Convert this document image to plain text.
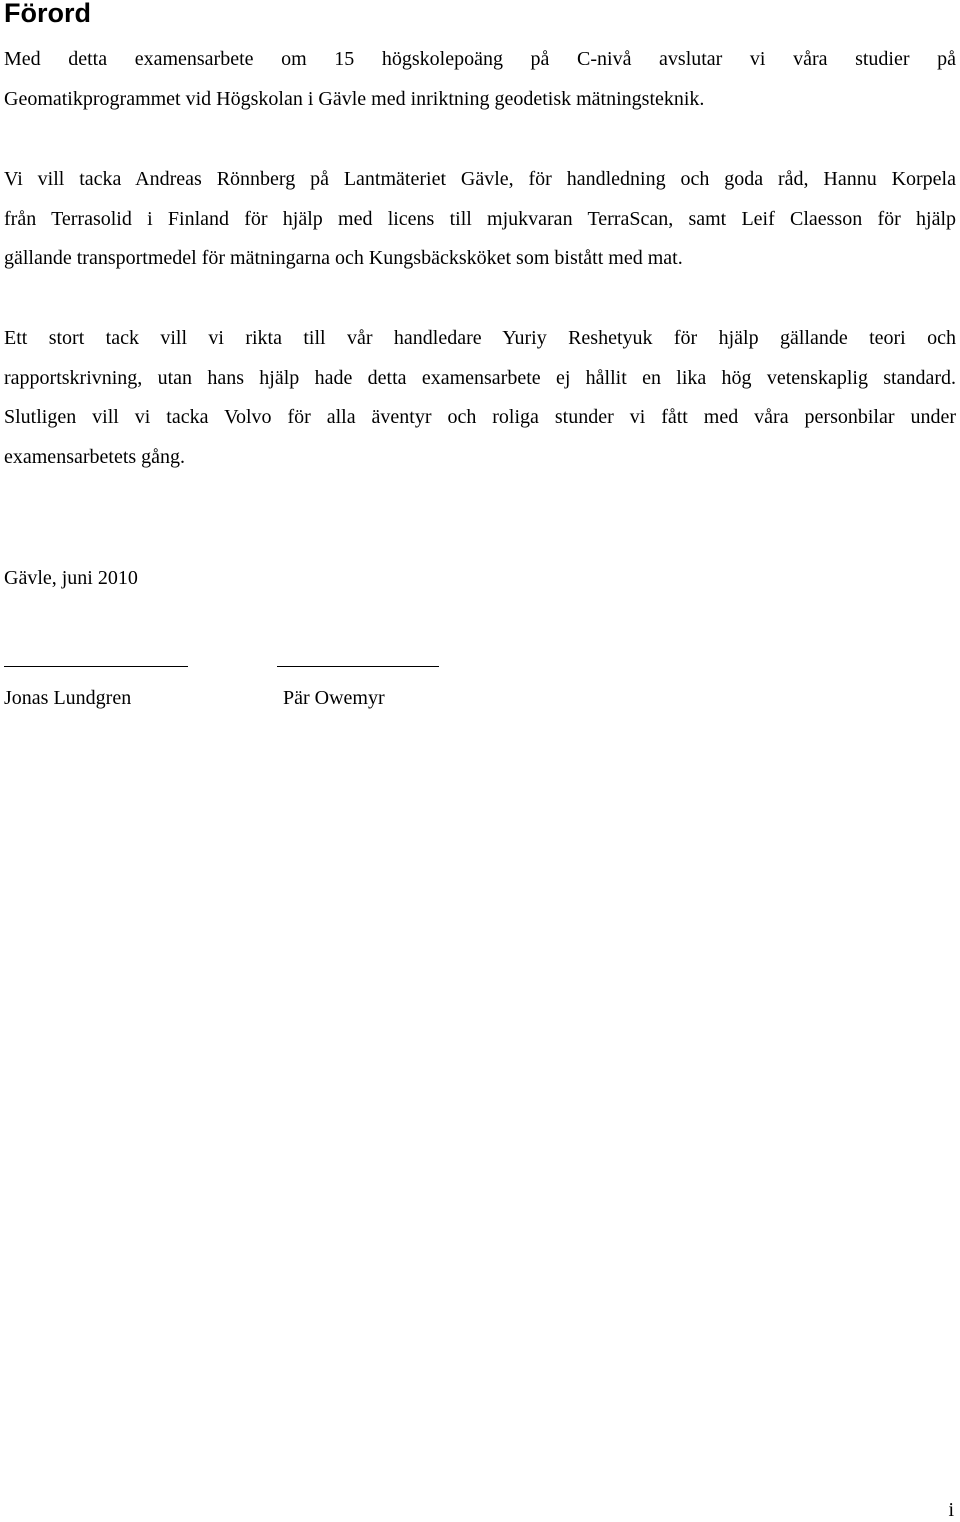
Förord
Med detta examensarbete om 15 högskolepoäng på C-nivå avslutar vi våra studier på
Geomatikprogrammet vid Högskolan i Gävle med inriktning geodetisk mätningsteknik.
Vi vill tacka Andreas Rönnberg på Lantmäteriet Gävle, för handledning och goda råd, Hannu Korpela
från Terrasolid i Finland för hjälp med licens till mjukvaran TerraScan, samt Leif Claesson för hjälp
gällande transportmedel för mätningarna och Kungsbäcksköket som bistått med mat.
Ett stort tack vill vi rikta till vår handledare Yuriy Reshetyuk för hjälp gällande teori och
rapportskrivning, utan hans hjälp hade detta examensarbete ej hållit en lika hög vetenskaplig standard.
Slutligen vill vi tacka Volvo för alla äventyr och roliga stunder vi fått med våra personbilar under
examensarbetets gång.

Gävle, juni 2010

Jonas Lundgren	Pär Owemyr

i
